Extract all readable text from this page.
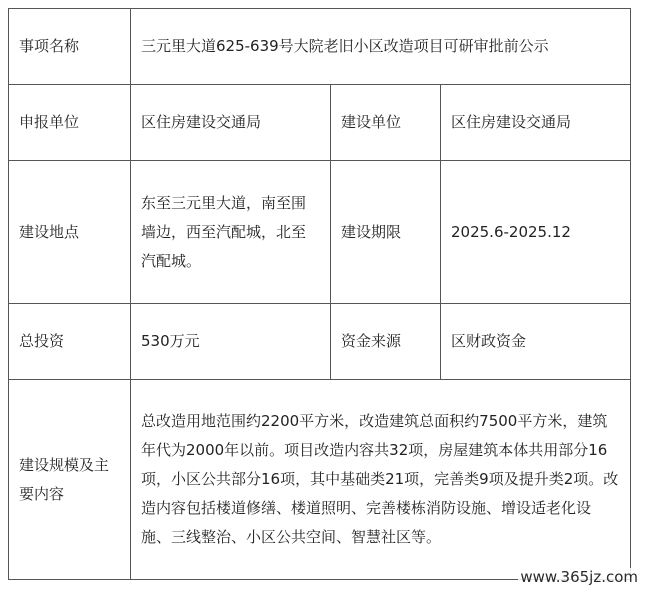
事项名称	三元里大道625-639号大院老旧小区改造项目可研审批前公示		
申报单位	区住房建设交通局	建设单位	区住房建设交通局
建设地点	东至三元里大道，南至围墙边，西至汽配城，北至汽配城。	建设期限	2025.6-2025.12
总投资	530万元	资金来源	区财政资金
建设规模及主要内容	总改造用地范围约2200平方米，改造建筑总面积约7500平方米，建筑年代为2000年以前。项目改造内容共32项，房屋建筑本体共用部分16项，小区公共部分16项，其中基础类21项，完善类9项及提升类2项。改造内容包括楼道修缮、楼道照明、完善楼栋消防设施、增设适老化设施、三线整治、小区公共空间、智慧社区等。		
www.365jz.com
